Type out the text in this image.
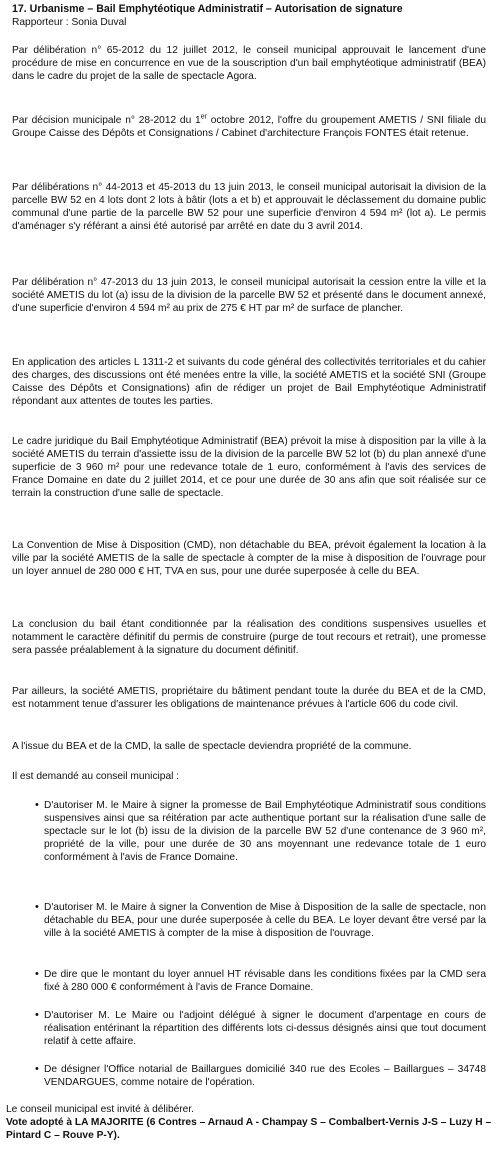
17. Urbanisme – Bail Emphytéotique Administratif – Autorisation de signature
Rapporteur : Sonia Duval
Par délibération n° 65-2012 du 12 juillet 2012, le conseil municipal approuvait le lancement d'une procédure de mise en concurrence en vue de la souscription d'un bail emphytéotique administratif (BEA) dans le cadre du projet de la salle de spectacle Agora.
Par décision municipale n° 28-2012 du 1er octobre 2012, l'offre du groupement AMETIS / SNI filiale du Groupe Caisse des Dépôts et Consignations / Cabinet d'architecture François FONTES était retenue.
Par délibérations n° 44-2013 et 45-2013 du 13 juin 2013, le conseil municipal autorisait la division de la parcelle BW 52 en 4 lots dont 2 lots à bâtir (lots a et b) et approuvait le déclassement du domaine public communal d'une partie de la parcelle BW 52 pour une superficie d'environ 4 594 m² (lot a). Le permis d'aménager s'y référant a ainsi été autorisé par arrêté en date du 3 avril 2014.
Par délibération n° 47-2013 du 13 juin 2013, le conseil municipal autorisait la cession entre la ville et la société AMETIS du lot (a) issu de la division de la parcelle BW 52 et présenté dans le document annexé, d'une superficie d'environ 4 594 m² au prix de 275 € HT par m² de surface de plancher.
En application des articles L 1311-2 et suivants du code général des collectivités territoriales et du cahier des charges, des discussions ont été menées entre la ville, la société AMETIS et la société SNI (Groupe Caisse des Dépôts et Consignations) afin de rédiger un projet de Bail Emphytéotique Administratif répondant aux attentes de toutes les parties.
Le cadre juridique du Bail Emphytéotique Administratif (BEA) prévoit la mise à disposition par la ville à la société AMETIS du terrain d'assiette issu de la division de la parcelle BW 52 lot (b) du plan annexé d'une superficie de 3 960 m² pour une redevance totale de 1 euro, conformément à l'avis des services de France Domaine en date du 2 juillet 2014, et ce pour une durée de 30 ans afin que soit réalisée sur ce terrain la construction d'une salle de spectacle.
La Convention de Mise à Disposition (CMD), non détachable du BEA, prévoit également la location à la ville par la société AMETIS de la salle de spectacle à compter de la mise à disposition de l'ouvrage pour un loyer annuel de 280 000 € HT, TVA en sus, pour une durée superposée à celle du BEA.
La conclusion du bail étant conditionnée par la réalisation des conditions suspensives usuelles et notamment le caractère définitif du permis de construire (purge de tout recours et retrait), une promesse sera passée préalablement à la signature du document définitif.
Par ailleurs, la société AMETIS, propriétaire du bâtiment pendant toute la durée du BEA et de la CMD, est notamment tenue d'assurer les obligations de maintenance prévues à l'article 606 du code civil.
A l'issue du BEA et de la CMD, la salle de spectacle deviendra propriété de la commune.
Il est demandé au conseil municipal :
• D'autoriser M. le Maire à signer la promesse de Bail Emphytéotique Administratif sous conditions suspensives ainsi que sa réitération par acte authentique portant sur la réalisation d'une salle de spectacle sur le lot (b) issu de la division de la parcelle BW 52 d'une contenance de 3 960 m², propriété de la ville, pour une durée de 30 ans moyennant une redevance totale de 1 euro conformément à l'avis de France Domaine.
• D'autoriser M. le Maire à signer la Convention de Mise à Disposition de la salle de spectacle, non détachable du BEA, pour une durée superposée à celle du BEA. Le loyer devant être versé par la ville à la société AMETIS à compter de la mise à disposition de l'ouvrage.
• De dire que le montant du loyer annuel HT révisable dans les conditions fixées par la CMD sera fixé à 280 000 € conformément à l'avis de France Domaine.
• D'autoriser M. Le Maire ou l'adjoint délégué à signer le document d'arpentage en cours de réalisation entérinant la répartition des différents lots ci-dessus désignés ainsi que tout document relatif à cette affaire.
• De désigner l'Office notarial de Baillargues domicilié 340 rue des Ecoles – Baillargues – 34748 VENDARGUES, comme notaire de l'opération.
Le conseil municipal est invité à délibérer.
Vote adopté à LA MAJORITE (6 Contres – Arnaud A - Champay S – Combalbert-Vernis J-S – Luzy H – Pintard C – Rouve P-Y).
